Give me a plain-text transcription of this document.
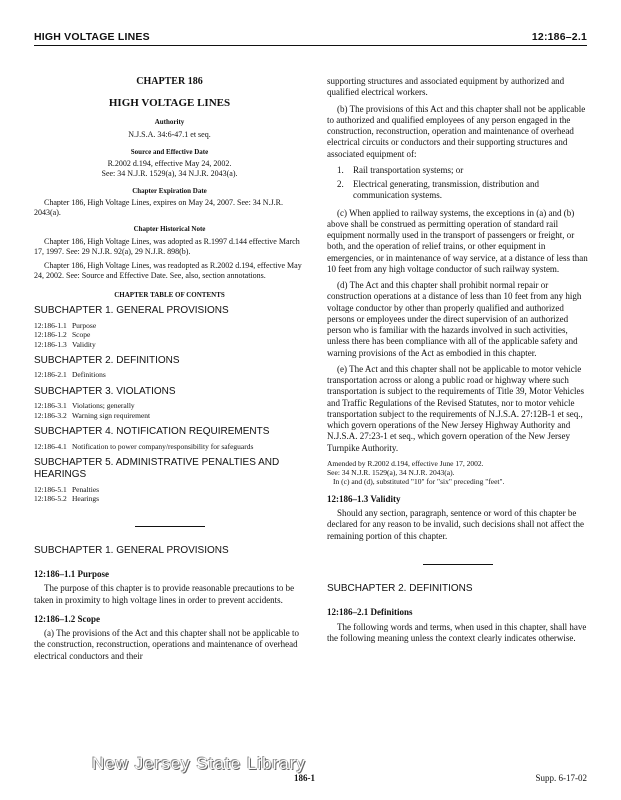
HIGH VOLTAGE LINES	12:186–2.1
CHAPTER 186
HIGH VOLTAGE LINES
Authority
N.J.S.A. 34:6-47.1 et seq.
Source and Effective Date
R.2002 d.194, effective May 24, 2002.
See: 34 N.J.R. 1529(a), 34 N.J.R. 2043(a).
Chapter Expiration Date

Chapter 186, High Voltage Lines, expires on May 24, 2007. See: 34 N.J.R. 2043(a).

Chapter Historical Note

Chapter 186, High Voltage Lines, was adopted as R.1997 d.144 effective March 17, 1997. See: 29 N.J.R. 92(a), 29 N.J.R. 898(b).

Chapter 186, High Voltage Lines, was readopted as R.2002 d.194, effective May 24, 2002. See: Source and Effective Date. See, also, section annotations.

CHAPTER TABLE OF CONTENTS
SUBCHAPTER 1. GENERAL PROVISIONS
12:186-1.1 Purpose
12:186-1.2 Scope
12:186-1.3 Validity
SUBCHAPTER 2. DEFINITIONS
12:186-2.1 Definitions
SUBCHAPTER 3. VIOLATIONS
12:186-3.1 Violations; generally
12:186-3.2 Warning sign requirement
SUBCHAPTER 4. NOTIFICATION REQUIREMENTS
12:186-4.1 Notification to power company/responsibility for safeguards
SUBCHAPTER 5. ADMINISTRATIVE PENALTIES AND HEARINGS
12:186-5.1 Penalties
12:186-5.2 Hearings
SUBCHAPTER 1. GENERAL PROVISIONS
12:186–1.1 Purpose

The purpose of this chapter is to provide reasonable precautions to be taken in proximity to high voltage lines in order to prevent accidents.

12:186–1.2 Scope

(a) The provisions of the Act and this chapter shall not be applicable to the construction, reconstruction, operations and maintenance of overhead electrical conductors and their

supporting structures and associated equipment by authorized and qualified electrical workers.

(b) The provisions of this Act and this chapter shall not be applicable to authorized and qualified employees of any person engaged in the construction, reconstruction, operation and maintenance of overhead electrical circuits or conductors and their supporting structures and associated equipment of:

1.	Rail transportation systems; or
2.	Electrical generating, transmission, distribution and communication systems.

(c) When applied to railway systems, the exceptions in (a) and (b) above shall be construed as permitting operation of standard rail equipment normally used in the transport of passengers or freight, or both, and the operation of relief trains, or other equipment in emergencies, or in maintenance of way service, at a distance of less than 10 feet from any high voltage conductor of such railway system.

(d) The Act and this chapter shall prohibit normal repair or construction operations at a distance of less than 10 feet from any high voltage conductor by other than properly qualified and authorized persons or employees under the direct supervision of an authorized person who is familiar with the hazards involved in such activities, unless there has been compliance with all of the applicable safety and warning provisions of the Act as embodied in this chapter.

(e) The Act and this chapter shall not be applicable to motor vehicle transportation across or along a public road or highway where such transportation is subject to the requirements of Title 39, Motor Vehicles and Traffic Regulations of the Revised Statutes, nor to motor vehicle transportation subject to the requirements of N.J.S.A. 27:12B-1 et seq., which govern operations of the New Jersey Highway Authority and N.J.S.A. 27:23-1 et seq., which govern operation of the New Jersey Turnpike Authority.

Amended by R.2002 d.194, effective June 17, 2002.
See: 34 N.J.R. 1529(a), 34 N.J.R. 2043(a).
In (c) and (d), substituted "10" for "six" preceding "feet".
12:186–1.3 Validity

Should any section, paragraph, sentence or word of this chapter be declared for any reason to be invalid, such decisions shall not affect the remaining portion of this chapter.

SUBCHAPTER 2. DEFINITIONS
12:186–2.1 Definitions

The following words and terms, when used in this chapter, shall have the following meaning unless the context clearly indicates otherwise.

186-1	Supp. 6-17-02
New Jersey State Library
